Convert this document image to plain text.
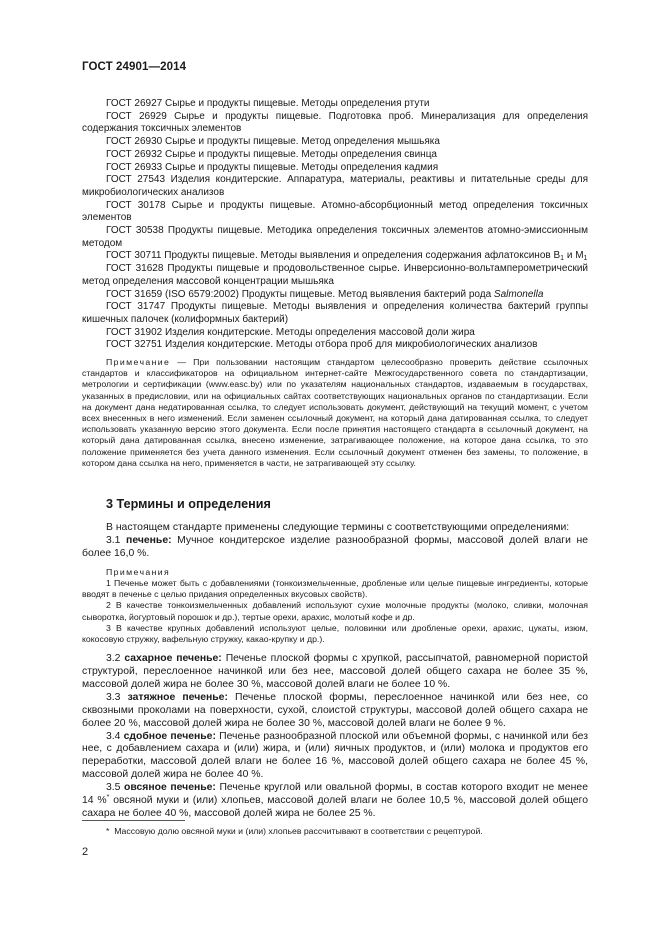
ГОСТ 24901—2014

ГОСТ 26927 Сырье и продукты пищевые. Методы определения ртути

ГОСТ 26929 Сырье и продукты пищевые. Подготовка проб. Минерализация для определения содержания токсичных элементов

ГОСТ 26930 Сырье и продукты пищевые. Метод определения мышьяка

ГОСТ 26932 Сырье и продукты пищевые. Методы определения свинца

ГОСТ 26933 Сырье и продукты пищевые. Методы определения кадмия

ГОСТ 27543 Изделия кондитерские. Аппаратура, материалы, реактивы и питательные среды для микробиологических анализов

ГОСТ 30178 Сырье и продукты пищевые. Атомно-абсорбционный метод определения токсичных элементов

ГОСТ 30538 Продукты пищевые. Методика определения токсичных элементов атомно-эмиссионным методом

ГОСТ 30711 Продукты пищевые. Методы выявления и определения содержания афлатоксинов $B_1$ и $M_1$

ГОСТ 31628 Продукты пищевые и продовольственное сырье. Инверсионно-вольтамперометрический метод определения массовой концентрации мышьяка

ГОСТ 31659 (ISO 6579:2002) Продукты пищевые. Метод выявления бактерий рода Salmonella

ГОСТ 31747 Продукты пищевые. Методы выявления и определения количества бактерий группы кишечных палочек (колиформных бактерий)

ГОСТ 31902 Изделия кондитерские. Методы определения массовой доли жира

ГОСТ 32751 Изделия кондитерские. Методы отбора проб для микробиологических анализов

Примечание — При пользовании настоящим стандартом целесообразно проверить действие ссылочных стандартов и классификаторов на официальном интернет-сайте Межгосударственного совета по стандартизации, метрологии и сертификации (www.easc.by) или по указателям национальных стандартов, издаваемым в государствах, указанных в предисловии, или на официальных сайтах соответствующих национальных органов по стандартизации. Если на документ дана недатированная ссылка, то следует использовать документ, действующий на текущий момент, с учетом всех внесенных в него изменений. Если заменен ссылочный документ, на который дана датированная ссылка, то следует использовать указанную версию этого документа. Если после принятия настоящего стандарта в ссылочный документ, на который дана датированная ссылка, внесено изменение, затрагивающее положение, на которое дана ссылка, то это положение применяется без учета данного изменения. Если ссылочный документ отменен без замены, то положение, в котором дана ссылка на него, применяется в части, не затрагивающей эту ссылку.

3 Термины и определения

В настоящем стандарте применены следующие термины с соответствующими определениями:

3.1 печенье: Мучное кондитерское изделие разнообразной формы, массовой долей влаги не более 16,0 %.

Примечания

1 Печенье может быть с добавлениями (тонкоизмельченные, дробленые или целые пищевые ингредиенты, которые вводят в печенье с целью придания определенных вкусовых свойств).

2 В качестве тонкоизмельченных добавлений используют сухие молочные продукты (молоко, сливки, молочная сыворотка, йогуртовый порошок и др.), тертые орехи, арахис, молотый кофе и др.

3 В качестве крупных добавлений используют целые, половинки или дробленые орехи, арахис, цукаты, изюм, кокосовую стружку, вафельную стружку, какао-крупку и др.).

3.2 сахарное печенье: Печенье плоской формы с хрупкой, рассыпчатой, равномерной пористой структурой, переслоенное начинкой или без нее, массовой долей общего сахара не более 35 %, массовой долей жира не более 30 %, массовой долей влаги не более 10 %.

3.3 затяжное печенье: Печенье плоской формы, переслоенное начинкой или без нее, со сквозными проколами на поверхности, сухой, слоистой структуры, массовой долей общего сахара не более 20 %, массовой долей жира не более 30 %, массовой долей влаги не более 9 %.

3.4 сдобное печенье: Печенье разнообразной плоской или объемной формы, с начинкой или без нее, с добавлением сахара и (или) жира, и (или) яичных продуктов, и (или) молока и продуктов его переработки, массовой долей влаги не более 16 %, массовой долей общего сахара не более 45 %, массовой долей жира не более 40 %.

3.5 овсяное печенье: Печенье круглой или овальной формы, в состав которого входит не менее 14 %* овсяной муки и (или) хлопьев, массовой долей влаги не более 10,5 %, массовой долей общего сахара не более 40 %, массовой долей жира не более 25 %.

* Массовую долю овсяной муки и (или) хлопьев рассчитывают в соответствии с рецептурой.
2
